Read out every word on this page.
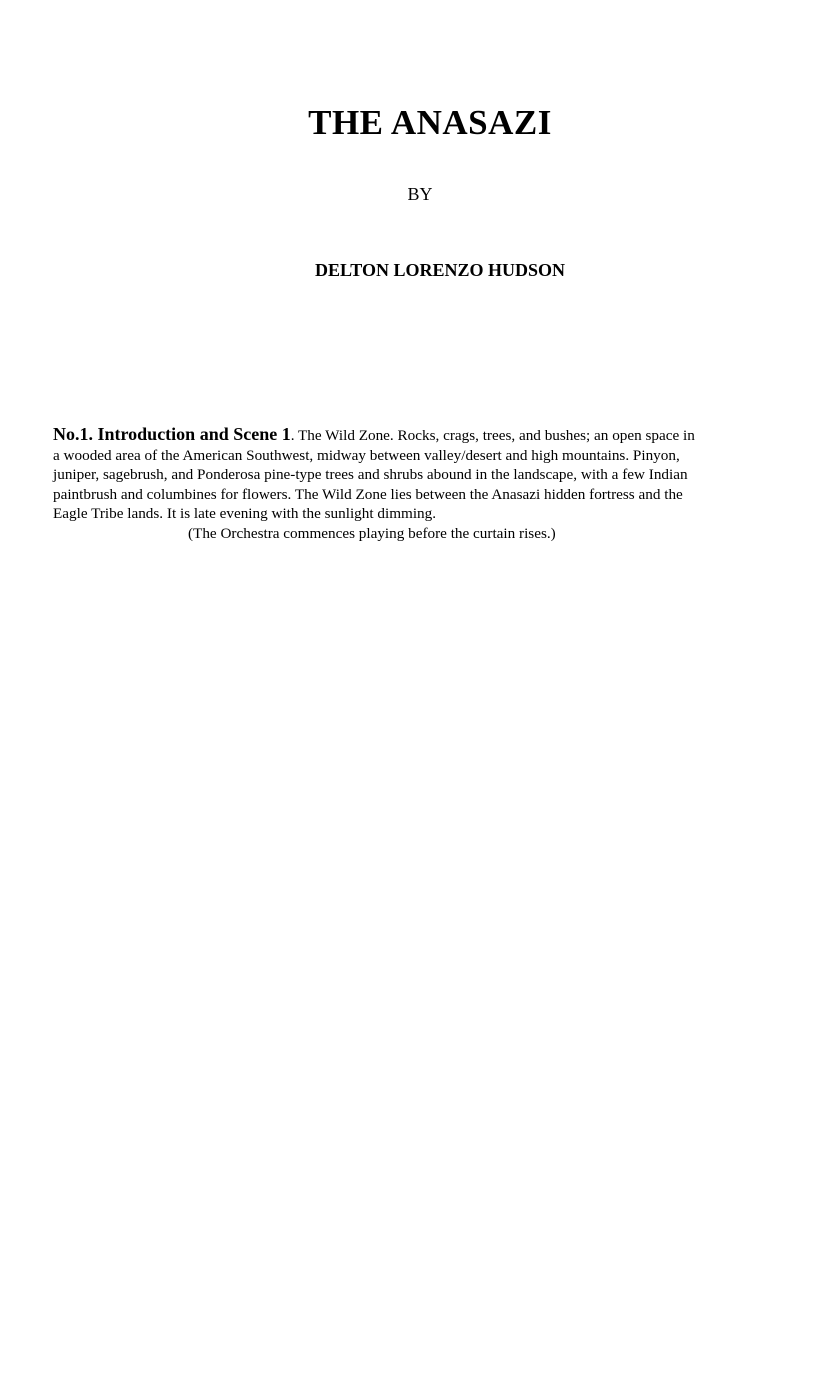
THE ANASAZI

BY

DELTON LORENZO HUDSON

No.1. Introduction and Scene 1. The Wild Zone. Rocks, crags, trees, and bushes; an open space in
a wooded area of the American Southwest, midway between valley/desert and high mountains. Pinyon,
juniper, sagebrush, and Ponderosa pine-type trees and shrubs abound in the landscape, with a few Indian
paintbrush and columbines for flowers. The Wild Zone lies between the Anasazi hidden fortress and the
Eagle Tribe lands. It is late evening with the sunlight dimming.

(The Orchestra commences playing before the curtain rises.)
